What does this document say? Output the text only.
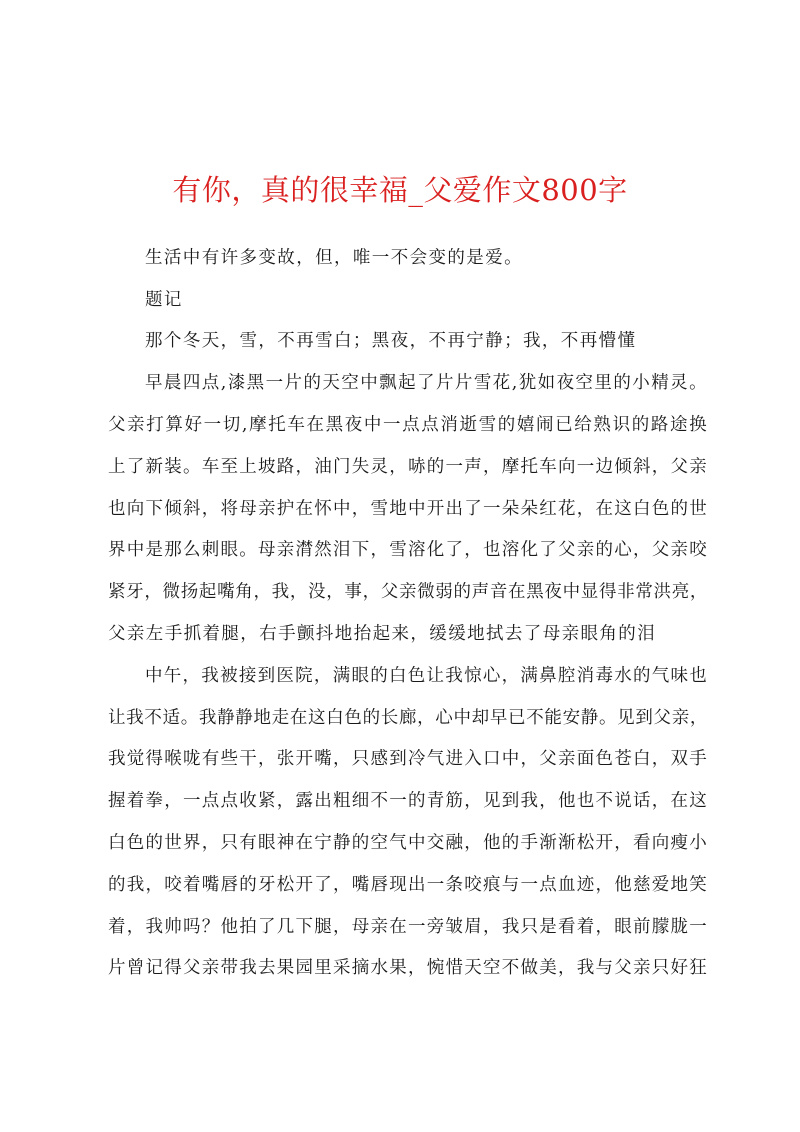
有你，真的很幸福_父爱作文800字
生活中有许多变故，但，唯一不会变的是爱。
题记
那个冬天，雪，不再雪白；黑夜，不再宁静；我，不再懵懂
早晨四点,漆黑一片的天空中飘起了片片雪花,犹如夜空里的小精灵。
父亲打算好一切,摩托车在黑夜中一点点消逝雪的嬉闹已给熟识的路途换
上了新装。车至上坡路，油门失灵，哧的一声，摩托车向一边倾斜，父亲
也向下倾斜，将母亲护在怀中，雪地中开出了一朵朵红花，在这白色的世
界中是那么刺眼。母亲潸然泪下，雪溶化了，也溶化了父亲的心，父亲咬
紧牙，微扬起嘴角，我，没，事，父亲微弱的声音在黑夜中显得非常洪亮，
父亲左手抓着腿，右手颤抖地抬起来，缓缓地拭去了母亲眼角的泪
中午，我被接到医院，满眼的白色让我惊心，满鼻腔消毒水的气味也
让我不适。我静静地走在这白色的长廊，心中却早已不能安静。见到父亲，
我觉得喉咙有些干，张开嘴，只感到冷气进入口中，父亲面色苍白，双手
握着拳，一点点收紧，露出粗细不一的青筋，见到我，他也不说话，在这
白色的世界，只有眼神在宁静的空气中交融，他的手渐渐松开，看向瘦小
的我，咬着嘴唇的牙松开了，嘴唇现出一条咬痕与一点血迹，他慈爱地笑
着，我帅吗？他拍了几下腿，母亲在一旁皱眉，我只是看着，眼前朦胧一
片曾记得父亲带我去果园里采摘水果，惋惜天空不做美，我与父亲只好狂
